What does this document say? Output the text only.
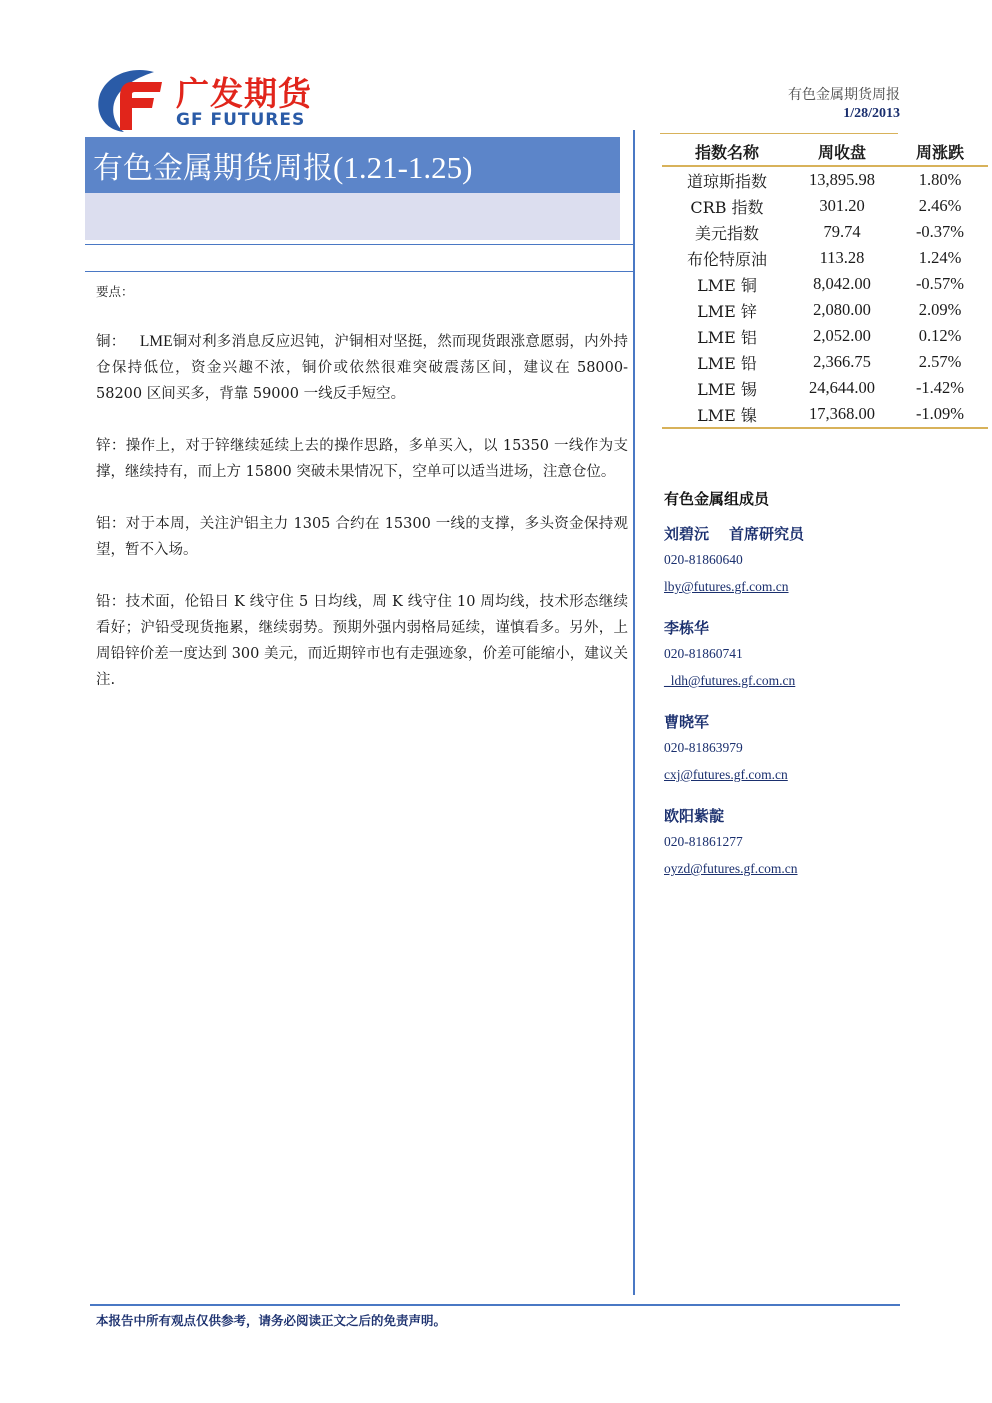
广发期货
GF FUTURES
有色金属期货周报
1/28/2013
有色金属期货周报(1.21-1.25)

要点：

铜： LME铜对利多消息反应迟钝，沪铜相对坚挺，然而现货跟涨意愿弱，内外持仓保持低位，资金兴趣不浓，铜价或依然很难突破震荡区间，建议在 58000-58200 区间买多，背靠 59000 一线反手短空。

锌：操作上，对于锌继续延续上去的操作思路，多单买入，以 15350 一线作为支撑，继续持有，而上方 15800 突破未果情况下，空单可以适当进场，注意仓位。

铝：对于本周，关注沪铝主力 1305 合约在 15300 一线的支撑，多头资金保持观望，暂不入场。

铅：技术面，伦铅日 K 线守住 5 日均线，周 K 线守住 10 周均线，技术形态继续看好；沪铅受现货拖累，继续弱势。预期外强内弱格局延续，谨慎看多。另外，上周铅锌价差一度达到 300 美元，而近期锌市也有走强迹象，价差可能缩小，建议关注.

指数名称	周收盘	周涨跌
道琼斯指数	13,895.98	1.80%
CRB 指数	301.20	2.46%
美元指数	79.74	-0.37%
布伦特原油	113.28	1.24%
LME 铜	8,042.00	-0.57%
LME 锌	2,080.00	2.09%
LME 铝	2,052.00	0.12%
LME 铅	2,366.75	2.57%
LME 锡	24,644.00	-1.42%
LME 镍	17,368.00	-1.09%
有色金属组成员
刘碧沅 首席研究员
020-81860640
lby@futures.gf.com.cn
李栋华
020-81860741
_ldh@futures.gf.com.cn
曹晓军
020-81863979
cxj@futures.gf.com.cn
欧阳紫靛
020-81861277
oyzd@futures.gf.com.cn
本报告中所有观点仅供参考，请务必阅读正文之后的免责声明。
